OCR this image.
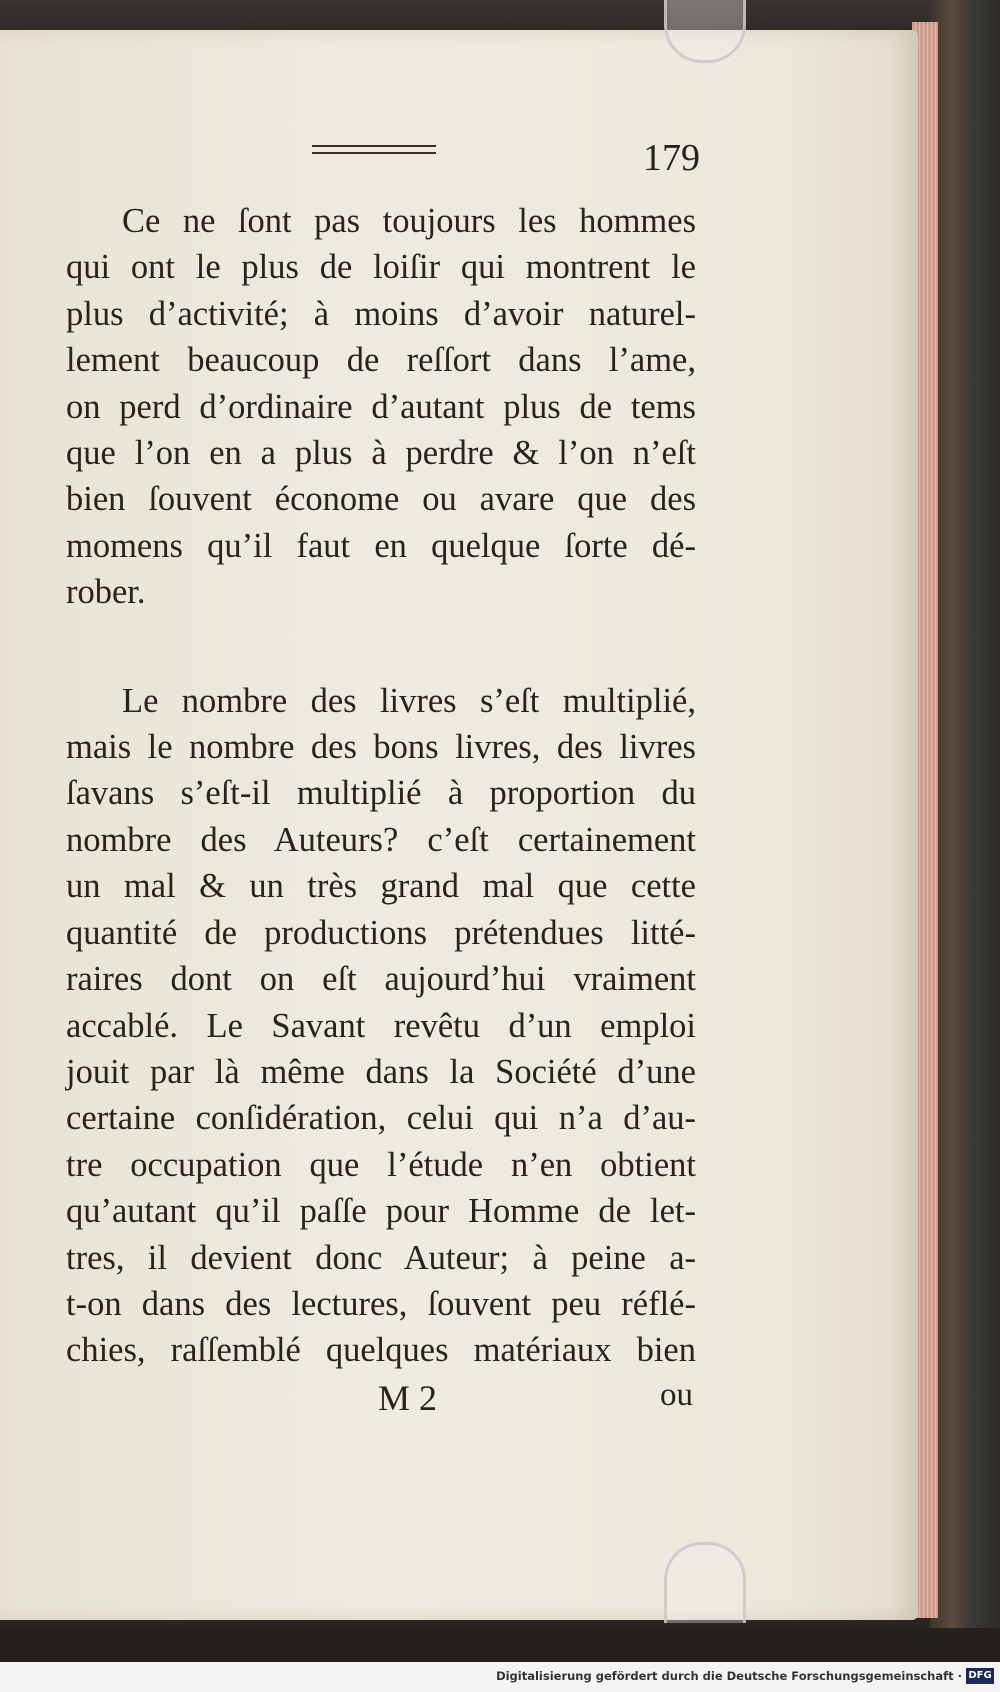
179
Ce ne ſont pas toujours les hommes
qui ont le plus de loiſir qui montrent le
plus d’activité; à moins d’avoir naturel-
lement beaucoup de reſſort dans l’ame,
on perd d’ordinaire d’autant plus de tems
que l’on en a plus à perdre & l’on n’eſt
bien ſouvent économe ou avare que des
momens qu’il faut en quelque ſorte dé-
rober.
Le nombre des livres s’eſt multiplié,
mais le nombre des bons livres, des livres
ſavans s’eſt-il multiplié à proportion du
nombre des Auteurs? c’eſt certainement
un mal & un très grand mal que cette
quantité de productions prétendues litté-
raires dont on eſt aujourd’hui vraiment
accablé. Le Savant revêtu d’un emploi
jouit par là même dans la Société d’une
certaine conſidération, celui qui n’a d’au-
tre occupation que l’étude n’en obtient
qu’autant qu’il paſſe pour Homme de let-
tres, il devient donc Auteur; à peine a-
t-on dans des lectures, ſouvent peu réflé-
chies, raſſemblé quelques matériaux bien
M 2	ou
Digitalisierung gefördert durch die Deutsche Forschungsgemeinschaft · DFG
